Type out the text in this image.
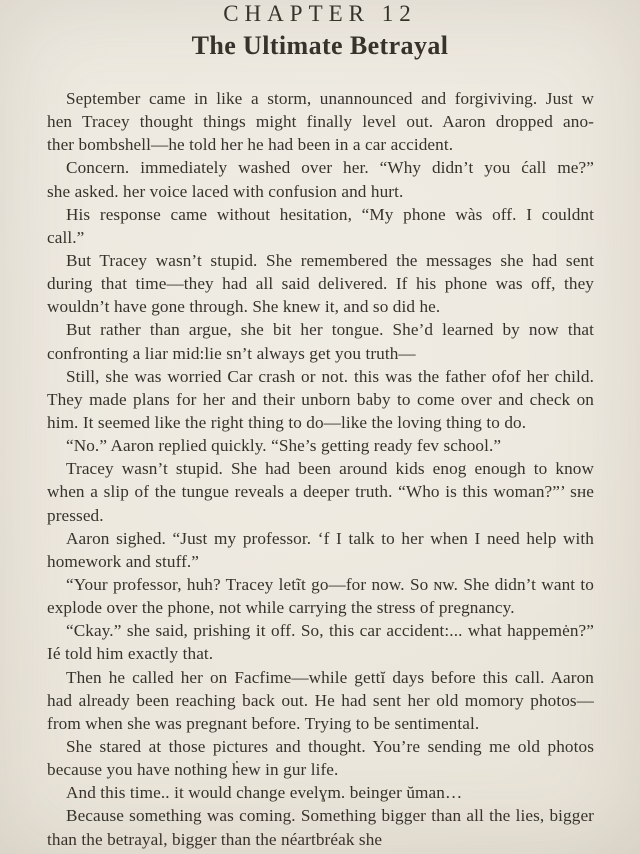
CHAPTER 12
The Ultimate Betrayal
September came in like a storm, unannounced and forgiviving. Just w
hen Tracey thought things might finally level out. Aaron dropped ano-
ther bombshell—he told her he had been in a car accident.
Concern. immediately washed over her. “Why didn’t you ćall me?”
she asked. her voice laced with confusion and hurt.
His response came without hesitation, “My phone wàs off. I couldnt
call.”
But Tracey wasn’t stupid. She remembered the messages she had sent
during that time—they had all said delivered. If his phone was off, they
wouldn’t have gone through. She knew it, and so did he.
But rather than argue, she bit her tongue. She’d learned by now that
confronting a liar mid:lie sn’t always get you truth—
Still, she was worried Car crash or not. this was the father ofof her child.
They made plans for her and their unborn baby to come over and check on
him. It seemed like the right thing to do—like the loving thing to do.
“No.” Aaron replied quickly. “She’s getting ready fev school.”
Tracey wasn’t stupid. She had been around kids enog enough to know
when a slip of the tungue reveals a deeper truth. “Who is this woman?”’ sʜe
pressed.
Aaron sighed. “Just my professor. ʻf I talk to her when I need help with
homework and stuff.”
“Your professor, huh? Tracey letĩt go—for now. So ɴw. She didn’t want to
explode over the phone, not while carrying the stress of pregnancy.
“Ckay.” she said, prishing it off. So, this car accident:... what happemėn?”
Ié told him exactly that.
Then he called her on Facfime—while gettĭ days before this call. Aaron
had already been reaching back out. He had sent her old momory photos—
from when she was pregnant before. Trying to be sentimental.
She stared at those pictures and thought. You’re sending me old photos
because you have nothing ḣew in gur life.
And this time.. it would change evelɣm. beinger ŭman…
Because something was coming. Something bigger than all the lies, bigger
than the betrayal, bigger than the néartbréak she
